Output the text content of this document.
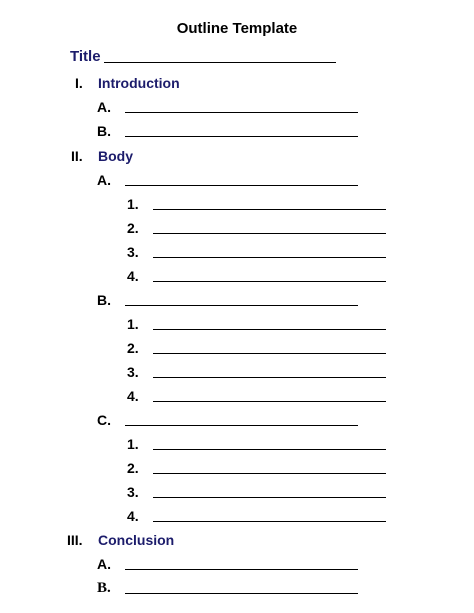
Outline Template
Title
I. Introduction
A.
B.
II. Body
A.
1.
2.
3.
4.
B.
1.
2.
3.
4.
C.
1.
2.
3.
4.
III. Conclusion
A.
B.
